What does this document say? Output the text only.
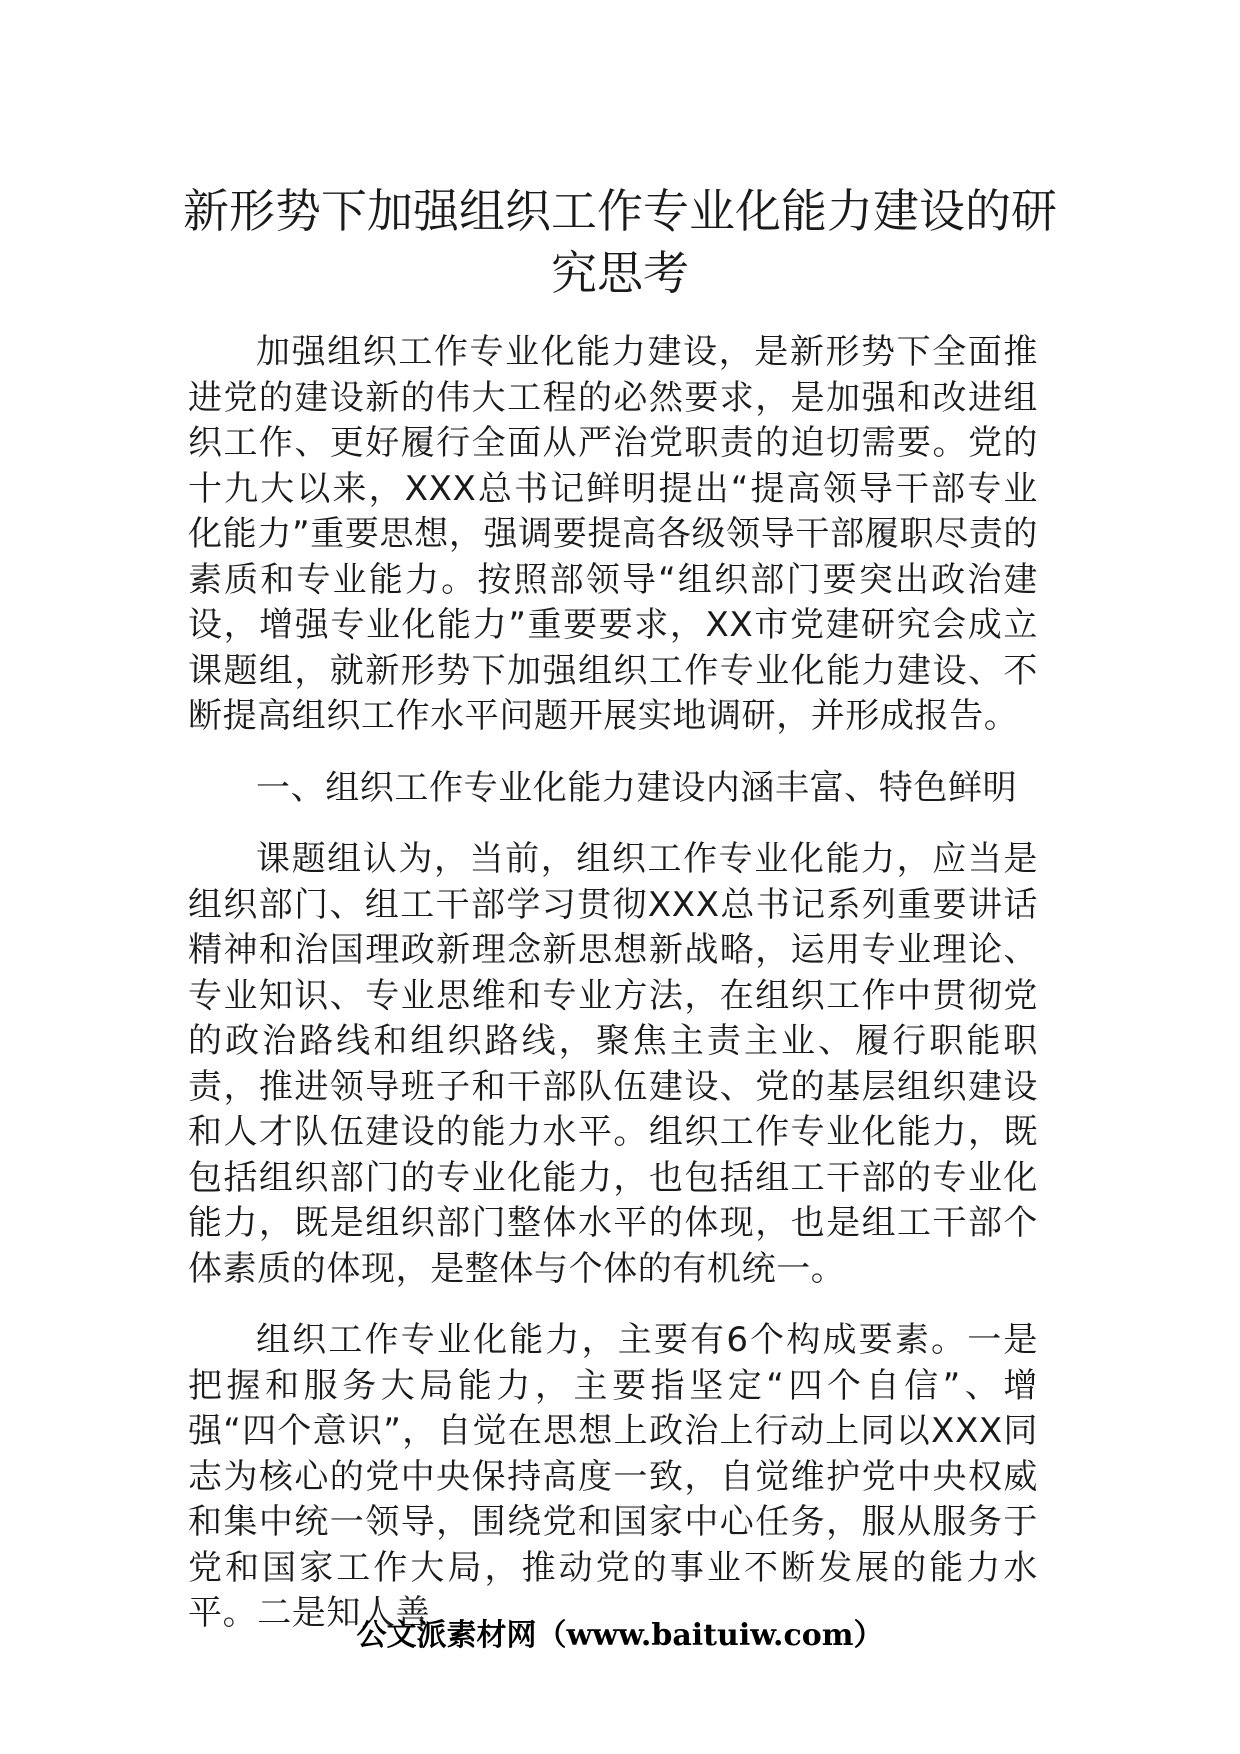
新形势下加强组织工作专业化能力建设的研究思考

加强组织工作专业化能力建设，是新形势下全面推进党的建设新的伟大工程的必然要求，是加强和改进组织工作、更好履行全面从严治党职责的迫切需要。党的十九大以来，XXX总书记鲜明提出“提高领导干部专业化能力”重要思想，强调要提高各级领导干部履职尽责的素质和专业能力。按照部领导“组织部门要突出政治建设，增强专业化能力”重要要求，XX市党建研究会成立课题组，就新形势下加强组织工作专业化能力建设、不断提高组织工作水平问题开展实地调研，并形成报告。

一、组织工作专业化能力建设内涵丰富、特色鲜明

课题组认为，当前，组织工作专业化能力，应当是组织部门、组工干部学习贯彻XXX总书记系列重要讲话精神和治国理政新理念新思想新战略，运用专业理论、专业知识、专业思维和专业方法，在组织工作中贯彻党的政治路线和组织路线，聚焦主责主业、履行职能职责，推进领导班子和干部队伍建设、党的基层组织建设和人才队伍建设的能力水平。组织工作专业化能力，既包括组织部门的专业化能力，也包括组工干部的专业化能力，既是组织部门整体水平的体现，也是组工干部个体素质的体现，是整体与个体的有机统一。

组织工作专业化能力，主要有6个构成要素。一是把握和服务大局能力，主要指坚定“四个自信”、增强“四个意识”，自觉在思想上政治上行动上同以XXX同志为核心的党中央保持高度一致，自觉维护党中央权威和集中统一领导，围绕党和国家中心任务，服从服务于党和国家工作大局，推动党的事业不断发展的能力水平。二是知人善

公文派素材网（www.baituiw.com）
